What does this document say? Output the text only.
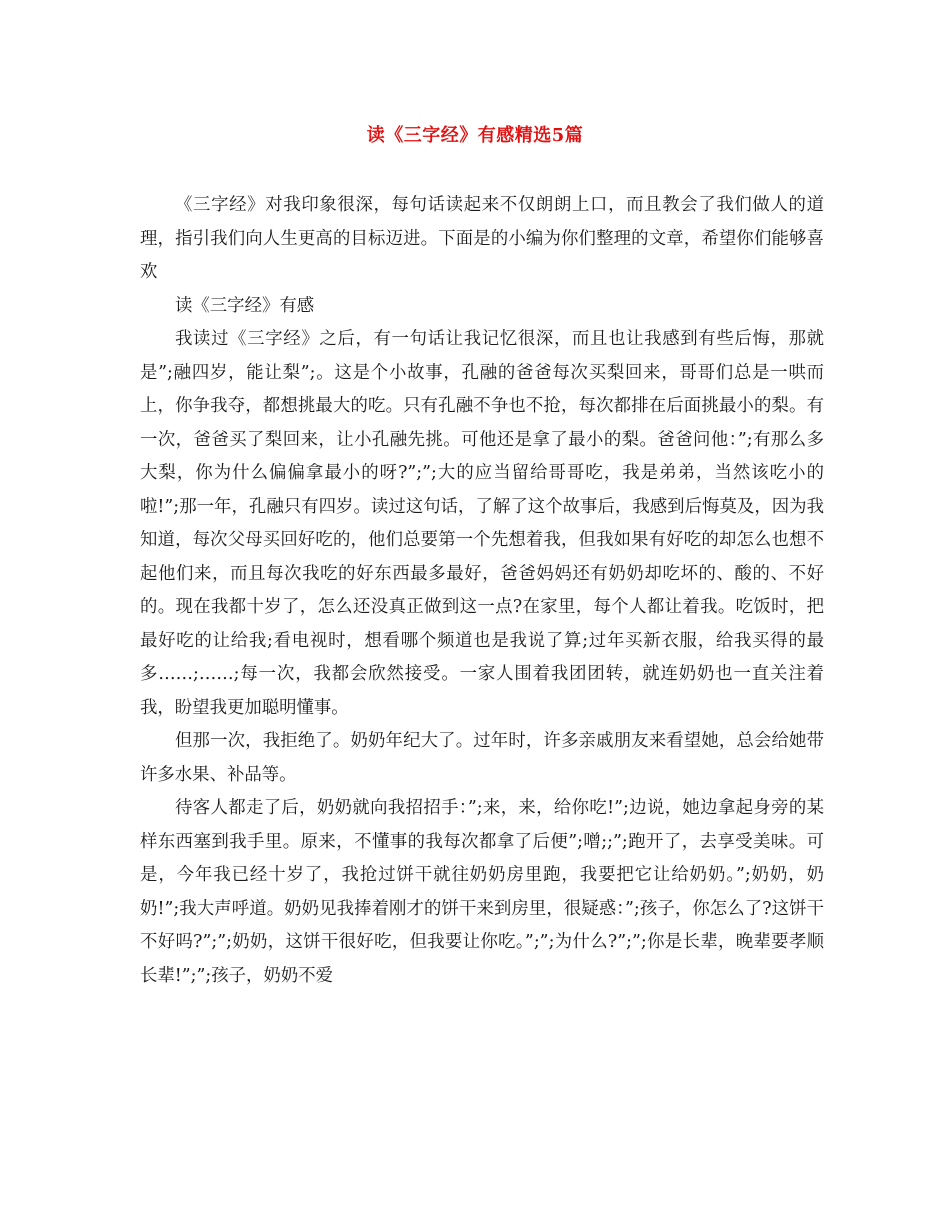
读《三字经》有感精选5篇

《三字经》对我印象很深，每句话读起来不仅朗朗上口，而且教会了我们做人的道理，指引我们向人生更高的目标迈进。下面是的小编为你们整理的文章，希望你们能够喜欢

读《三字经》有感

我读过《三字经》之后，有一句话让我记忆很深，而且也让我感到有些后悔，那就是”;融四岁，能让梨”;。这是个小故事，孔融的爸爸每次买梨回来，哥哥们总是一哄而上，你争我夺，都想挑最大的吃。只有孔融不争也不抢，每次都排在后面挑最小的梨。有一次，爸爸买了梨回来，让小孔融先挑。可他还是拿了最小的梨。爸爸问他：”;有那么多大梨，你为什么偏偏拿最小的呀?”;”;大的应当留给哥哥吃，我是弟弟，当然该吃小的啦!”;那一年，孔融只有四岁。读过这句话，了解了这个故事后，我感到后悔莫及，因为我知道，每次父母买回好吃的，他们总要第一个先想着我，但我如果有好吃的却怎么也想不起他们来，而且每次我吃的好东西最多最好，爸爸妈妈还有奶奶却吃坏的、酸的、不好的。现在我都十岁了，怎么还没真正做到这一点?在家里，每个人都让着我。吃饭时，把最好吃的让给我;看电视时，想看哪个频道也是我说了算;过年买新衣服，给我买得的最多……;……;每一次，我都会欣然接受。一家人围着我团团转，就连奶奶也一直关注着我，盼望我更加聪明懂事。

但那一次，我拒绝了。奶奶年纪大了。过年时，许多亲戚朋友来看望她，总会给她带许多水果、补品等。

待客人都走了后，奶奶就向我招招手：”;来，来，给你吃!”;边说，她边拿起身旁的某样东西塞到我手里。原来，不懂事的我每次都拿了后便”;噌;;”;跑开了，去享受美味。可是，今年我已经十岁了，我抢过饼干就往奶奶房里跑，我要把它让给奶奶。”;奶奶，奶奶!”;我大声呼道。奶奶见我捧着刚才的饼干来到房里，很疑惑：”;孩子，你怎么了?这饼干不好吗?”;”;奶奶，这饼干很好吃，但我要让你吃。”;”;为什么?”;”;你是长辈，晚辈要孝顺长辈!”;”;孩子，奶奶不爱
